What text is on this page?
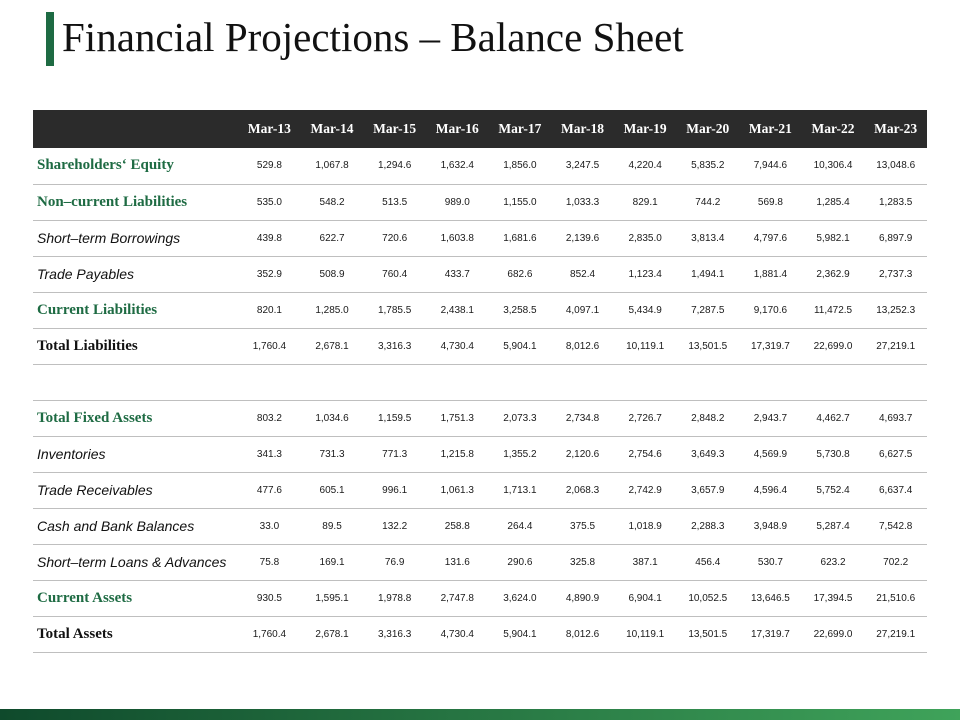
Financial Projections – Balance Sheet
	Mar-13	Mar-14	Mar-15	Mar-16	Mar-17	Mar-18	Mar-19	Mar-20	Mar-21	Mar-22	Mar-23
Shareholders‘ Equity	529.8	1,067.8	1,294.6	1,632.4	1,856.0	3,247.5	4,220.4	5,835.2	7,944.6	10,306.4	13,048.6
Non–current Liabilities	535.0	548.2	513.5	989.0	1,155.0	1,033.3	829.1	744.2	569.8	1,285.4	1,283.5
Short–term Borrowings	439.8	622.7	720.6	1,603.8	1,681.6	2,139.6	2,835.0	3,813.4	4,797.6	5,982.1	6,897.9
Trade Payables	352.9	508.9	760.4	433.7	682.6	852.4	1,123.4	1,494.1	1,881.4	2,362.9	2,737.3
Current Liabilities	820.1	1,285.0	1,785.5	2,438.1	3,258.5	4,097.1	5,434.9	7,287.5	9,170.6	11,472.5	13,252.3
Total Liabilities	1,760.4	2,678.1	3,316.3	4,730.4	5,904.1	8,012.6	10,119.1	13,501.5	17,319.7	22,699.0	27,219.1

Total Fixed Assets	803.2	1,034.6	1,159.5	1,751.3	2,073.3	2,734.8	2,726.7	2,848.2	2,943.7	4,462.7	4,693.7
Inventories	341.3	731.3	771.3	1,215.8	1,355.2	2,120.6	2,754.6	3,649.3	4,569.9	5,730.8	6,627.5
Trade Receivables	477.6	605.1	996.1	1,061.3	1,713.1	2,068.3	2,742.9	3,657.9	4,596.4	5,752.4	6,637.4
Cash and Bank Balances	33.0	89.5	132.2	258.8	264.4	375.5	1,018.9	2,288.3	3,948.9	5,287.4	7,542.8
Short–term Loans & Advances	75.8	169.1	76.9	131.6	290.6	325.8	387.1	456.4	530.7	623.2	702.2
Current Assets	930.5	1,595.1	1,978.8	2,747.8	3,624.0	4,890.9	6,904.1	10,052.5	13,646.5	17,394.5	21,510.6
Total Assets	1,760.4	2,678.1	3,316.3	4,730.4	5,904.1	8,012.6	10,119.1	13,501.5	17,319.7	22,699.0	27,219.1
